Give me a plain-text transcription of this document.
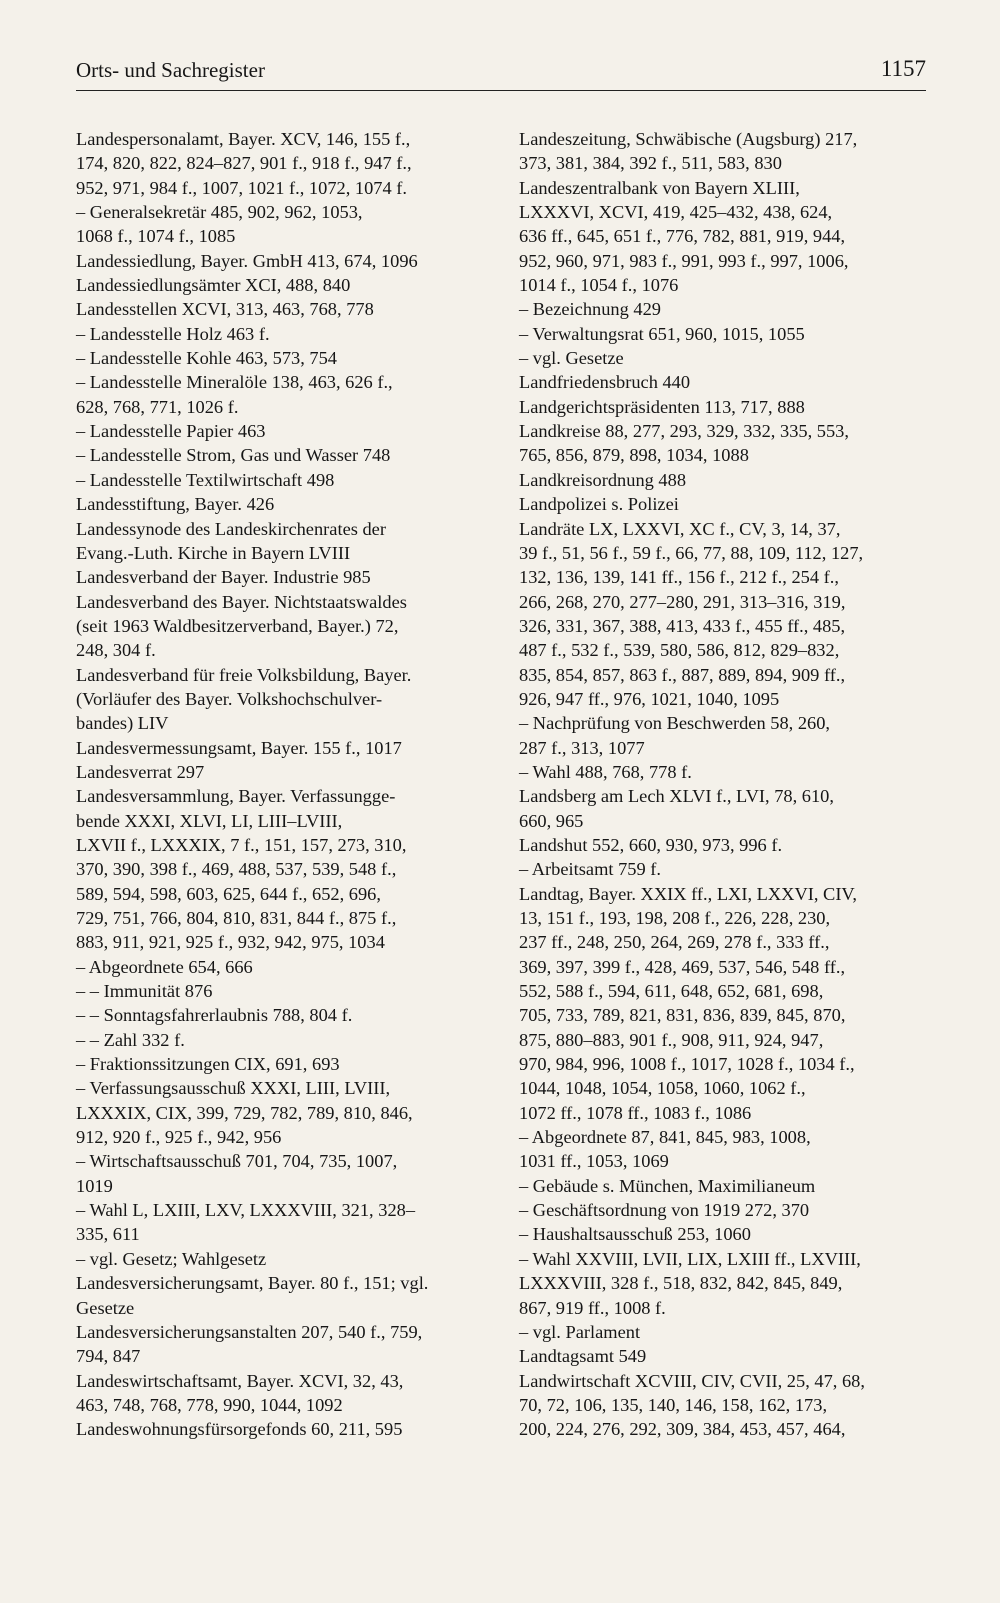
Orts- und Sachregister	1157
Landespersonalamt, Bayer. XCV, 146, 155 f.,
174, 820, 822, 824–827, 901 f., 918 f., 947 f.,
952, 971, 984 f., 1007, 1021 f., 1072, 1074 f.
– Generalsekretär 485, 902, 962, 1053,
1068 f., 1074 f., 1085
Landessiedlung, Bayer. GmbH 413, 674, 1096
Landessiedlungsämter XCI, 488, 840
Landesstellen XCVI, 313, 463, 768, 778
– Landesstelle Holz 463 f.
– Landesstelle Kohle 463, 573, 754
– Landesstelle Mineralöle 138, 463, 626 f.,
628, 768, 771, 1026 f.
– Landesstelle Papier 463
– Landesstelle Strom, Gas und Wasser 748
– Landesstelle Textilwirtschaft 498
Landesstiftung, Bayer. 426
Landessynode des Landeskirchenrates der
Evang.-Luth. Kirche in Bayern LVIII
Landesverband der Bayer. Industrie 985
Landesverband des Bayer. Nichtstaatswaldes
(seit 1963 Waldbesitzerverband, Bayer.) 72,
248, 304 f.
Landesverband für freie Volksbildung, Bayer.
(Vorläufer des Bayer. Volkshochschulver-
bandes) LIV
Landesvermessungsamt, Bayer. 155 f., 1017
Landesverrat 297
Landesversammlung, Bayer. Verfassungge-
bende XXXI, XLVI, LI, LIII–LVIII,
LXVII f., LXXXIX, 7 f., 151, 157, 273, 310,
370, 390, 398 f., 469, 488, 537, 539, 548 f.,
589, 594, 598, 603, 625, 644 f., 652, 696,
729, 751, 766, 804, 810, 831, 844 f., 875 f.,
883, 911, 921, 925 f., 932, 942, 975, 1034
– Abgeordnete 654, 666
– – Immunität 876
– – Sonntagsfahrerlaubnis 788, 804 f.
– – Zahl 332 f.
– Fraktionssitzungen CIX, 691, 693
– Verfassungsausschuß XXXI, LIII, LVIII,
LXXXIX, CIX, 399, 729, 782, 789, 810, 846,
912, 920 f., 925 f., 942, 956
– Wirtschaftsausschuß 701, 704, 735, 1007,
1019
– Wahl L, LXIII, LXV, LXXXVIII, 321, 328–
335, 611
– vgl. Gesetz; Wahlgesetz
Landesversicherungsamt, Bayer. 80 f., 151; vgl.
Gesetze
Landesversicherungsanstalten 207, 540 f., 759,
794, 847
Landeswirtschaftsamt, Bayer. XCVI, 32, 43,
463, 748, 768, 778, 990, 1044, 1092
Landeswohnungsfürsorgefonds 60, 211, 595
Landeszeitung, Schwäbische (Augsburg) 217,
373, 381, 384, 392 f., 511, 583, 830
Landeszentralbank von Bayern XLIII,
LXXXVI, XCVI, 419, 425–432, 438, 624,
636 ff., 645, 651 f., 776, 782, 881, 919, 944,
952, 960, 971, 983 f., 991, 993 f., 997, 1006,
1014 f., 1054 f., 1076
– Bezeichnung 429
– Verwaltungsrat 651, 960, 1015, 1055
– vgl. Gesetze
Landfriedensbruch 440
Landgerichtspräsidenten 113, 717, 888
Landkreise 88, 277, 293, 329, 332, 335, 553,
765, 856, 879, 898, 1034, 1088
Landkreisordnung 488
Landpolizei s. Polizei
Landräte LX, LXXVI, XC f., CV, 3, 14, 37,
39 f., 51, 56 f., 59 f., 66, 77, 88, 109, 112, 127,
132, 136, 139, 141 ff., 156 f., 212 f., 254 f.,
266, 268, 270, 277–280, 291, 313–316, 319,
326, 331, 367, 388, 413, 433 f., 455 ff., 485,
487 f., 532 f., 539, 580, 586, 812, 829–832,
835, 854, 857, 863 f., 887, 889, 894, 909 ff.,
926, 947 ff., 976, 1021, 1040, 1095
– Nachprüfung von Beschwerden 58, 260,
287 f., 313, 1077
– Wahl 488, 768, 778 f.
Landsberg am Lech XLVI f., LVI, 78, 610,
660, 965
Landshut 552, 660, 930, 973, 996 f.
– Arbeitsamt 759 f.
Landtag, Bayer. XXIX ff., LXI, LXXVI, CIV,
13, 151 f., 193, 198, 208 f., 226, 228, 230,
237 ff., 248, 250, 264, 269, 278 f., 333 ff.,
369, 397, 399 f., 428, 469, 537, 546, 548 ff.,
552, 588 f., 594, 611, 648, 652, 681, 698,
705, 733, 789, 821, 831, 836, 839, 845, 870,
875, 880–883, 901 f., 908, 911, 924, 947,
970, 984, 996, 1008 f., 1017, 1028 f., 1034 f.,
1044, 1048, 1054, 1058, 1060, 1062 f.,
1072 ff., 1078 ff., 1083 f., 1086
– Abgeordnete 87, 841, 845, 983, 1008,
1031 ff., 1053, 1069
– Gebäude s. München, Maximilianeum
– Geschäftsordnung von 1919 272, 370
– Haushaltsausschuß 253, 1060
– Wahl XXVIII, LVII, LIX, LXIII ff., LXVIII,
LXXXVIII, 328 f., 518, 832, 842, 845, 849,
867, 919 ff., 1008 f.
– vgl. Parlament
Landtagsamt 549
Landwirtschaft XCVIII, CIV, CVII, 25, 47, 68,
70, 72, 106, 135, 140, 146, 158, 162, 173,
200, 224, 276, 292, 309, 384, 453, 457, 464,
